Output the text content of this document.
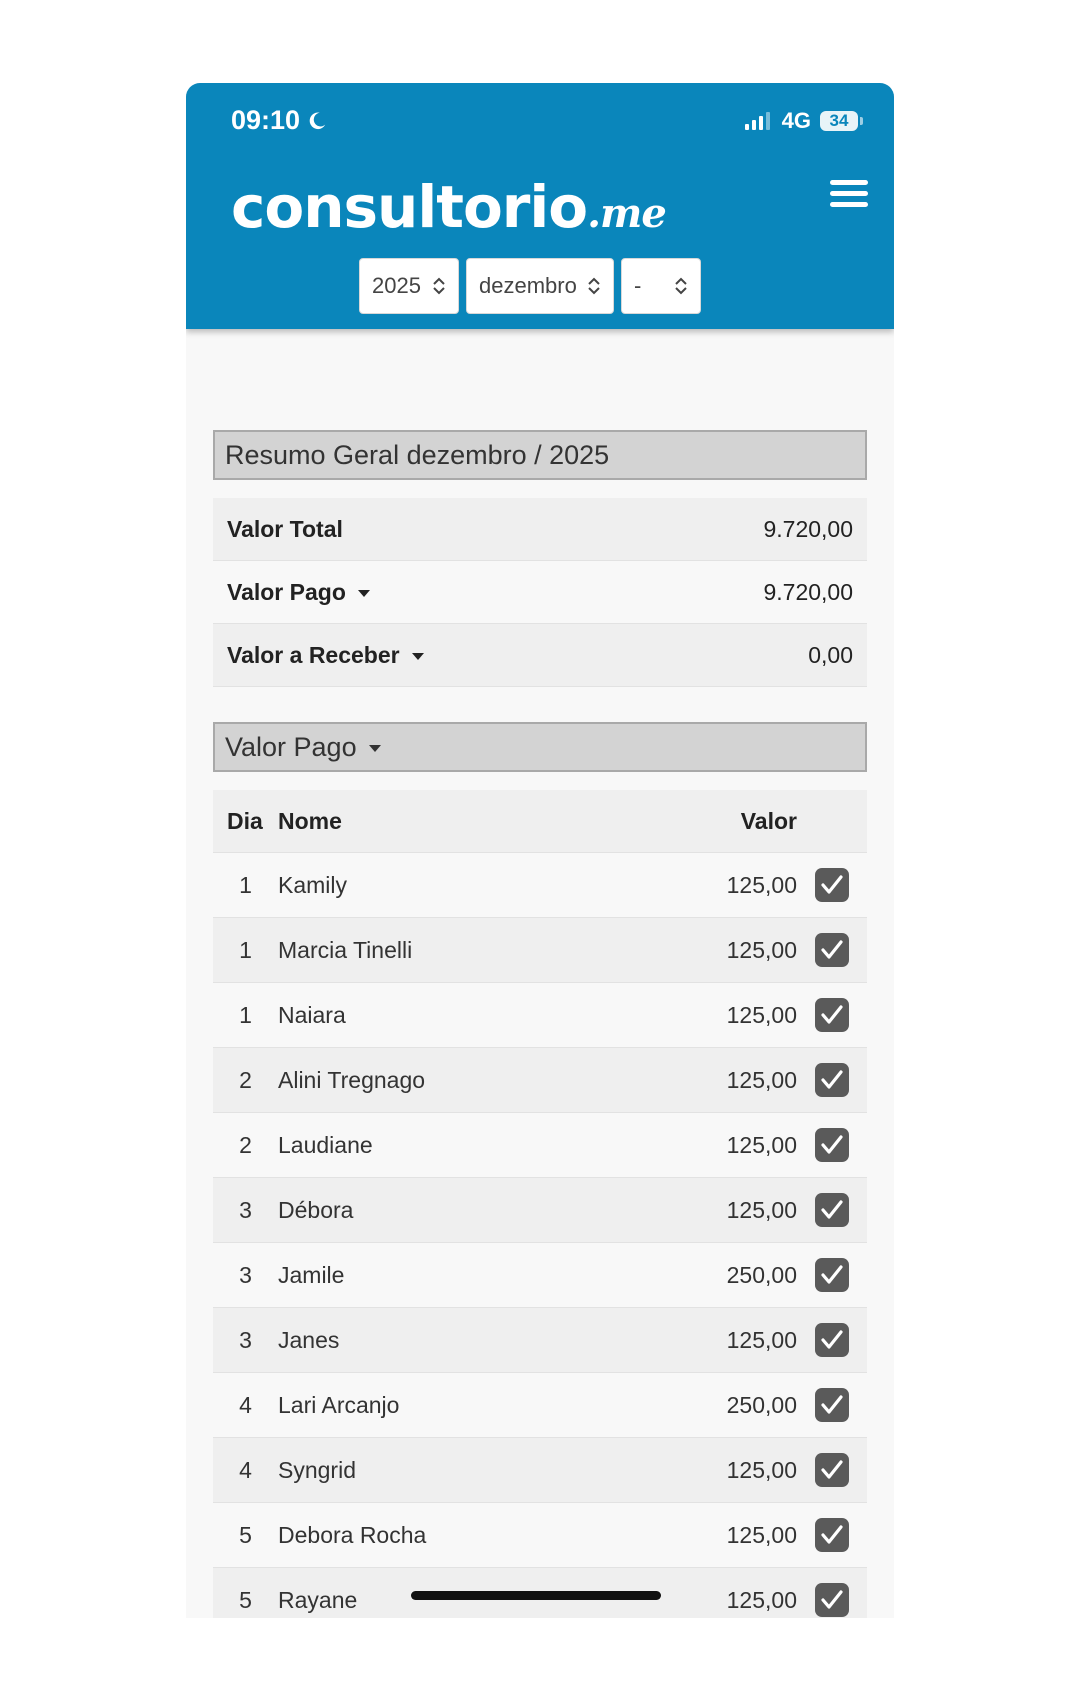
09:10	4G 34
consultorio.me
2025	dezembro	-
Resumo Geral dezembro / 2025
Valor Total	9.720,00
Valor Pago	9.720,00
Valor a Receber	0,00
Valor Pago
Dia Nome	Valor
1	Kamily	125,00
1	Marcia Tinelli	125,00
1	Naiara	125,00
2	Alini Tregnago	125,00
2	Laudiane	125,00
3	Débora	125,00
3	Jamile	250,00
3	Janes	125,00
4	Lari Arcanjo	250,00
4	Syngrid	125,00
5	Debora Rocha	125,00
5	Rayane	125,00
